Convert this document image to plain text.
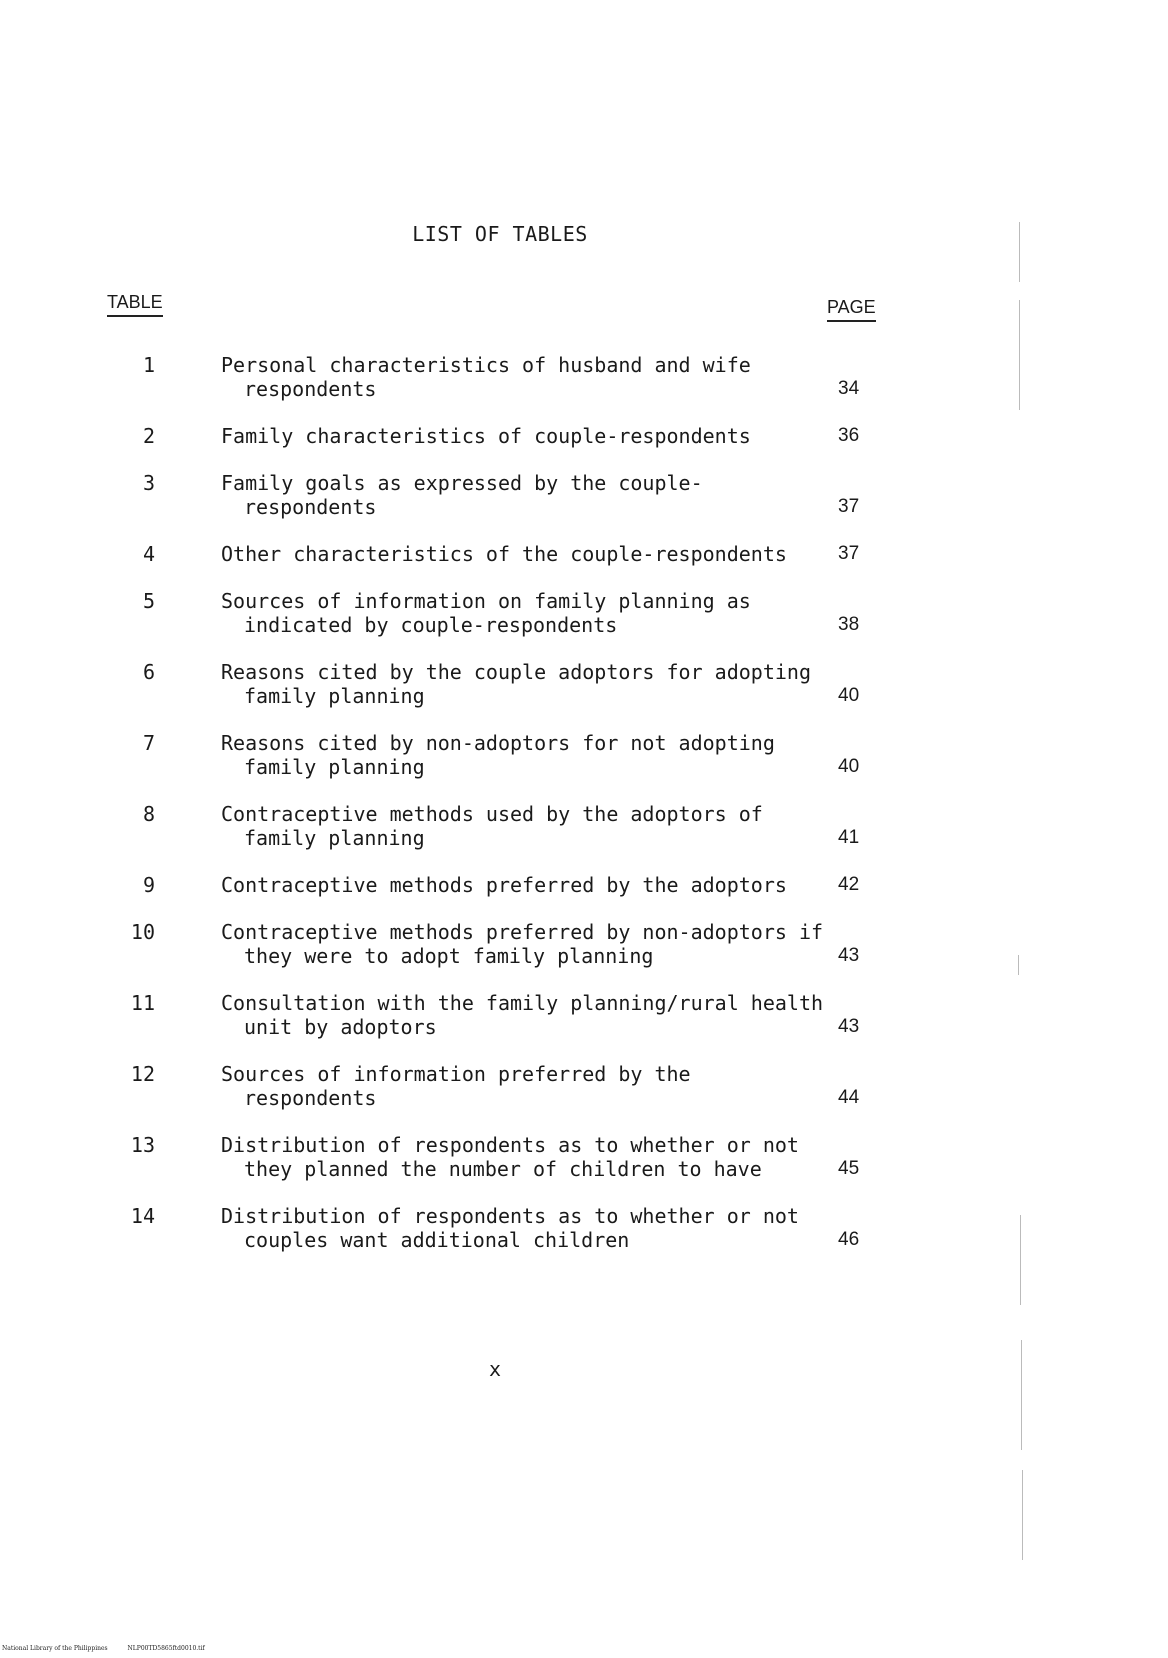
LIST OF TABLES
TABLE	PAGE
1	Personal characteristics of husband and wife respondents	34
2	Family characteristics of couple-respondents	36
3	Family goals as expressed by the couple-respondents	37
4	Other characteristics of the couple-respondents	37
5	Sources of information on family planning as indicated by couple-respondents	38
6	Reasons cited by the couple adoptors for adopting family planning	40
7	Reasons cited by non-adoptors for not adopting family planning	40
8	Contraceptive methods used by the adoptors of family planning	41
9	Contraceptive methods preferred by the adoptors	42
10	Contraceptive methods preferred by non-adoptors if they were to adopt family planning	43
11	Consultation with the family planning/rural health unit by adoptors	43
12	Sources of information preferred by the respondents	44
13	Distribution of respondents as to whether or not they planned the number of children to have	45
14	Distribution of respondents as to whether or not couples want additional children	46
x
National Library of the Philippines	NLP00TD5865ftd0010.tif
